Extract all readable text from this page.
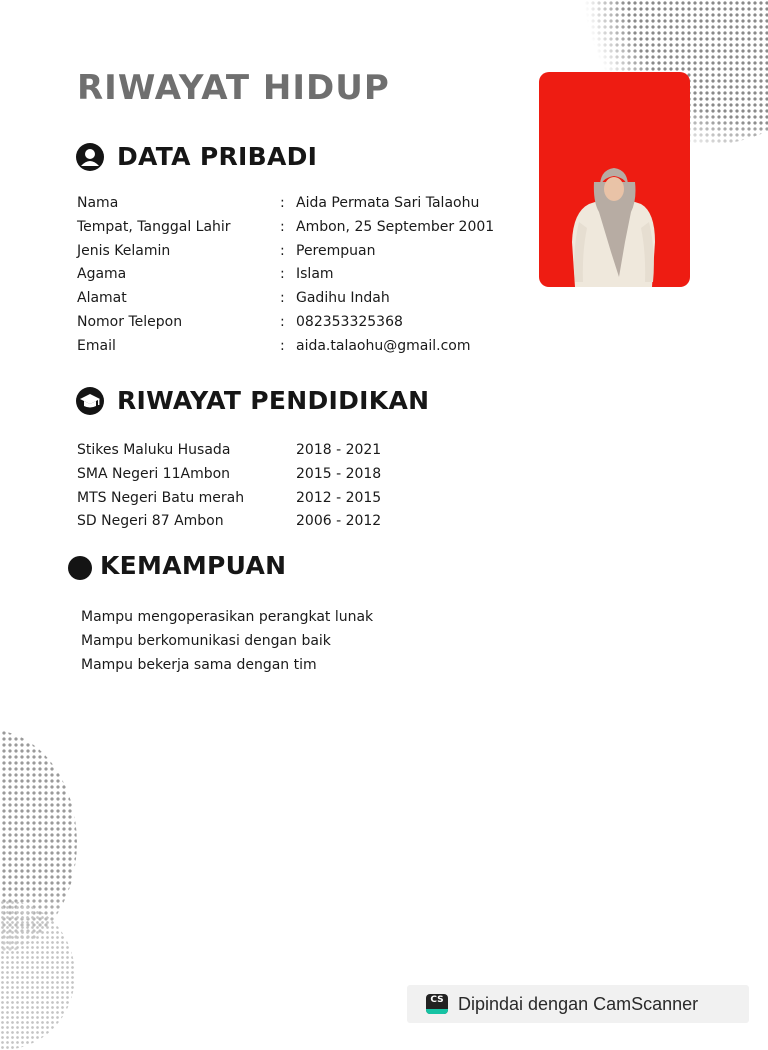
RIWAYAT HIDUP
DATA PRIBADI
Nama	: Aida Permata Sari Talaohu
Tempat, Tanggal Lahir	: Ambon, 25 September 2001
Jenis Kelamin	: Perempuan
Agama	: Islam
Alamat	: Gadihu Indah
Nomor Telepon	: 082353325368
Email	: aida.talaohu@gmail.com
RIWAYAT PENDIDIKAN
Stikes Maluku Husada	2018 - 2021
SMA Negeri 11Ambon	2015 - 2018
MTS Negeri Batu merah	2012 - 2015
SD Negeri 87 Ambon	2006 - 2012
KEMAMPUAN
Mampu mengoperasikan perangkat lunak
Mampu berkomunikasi dengan baik
Mampu bekerja sama dengan tim
CS Dipindai dengan CamScanner
